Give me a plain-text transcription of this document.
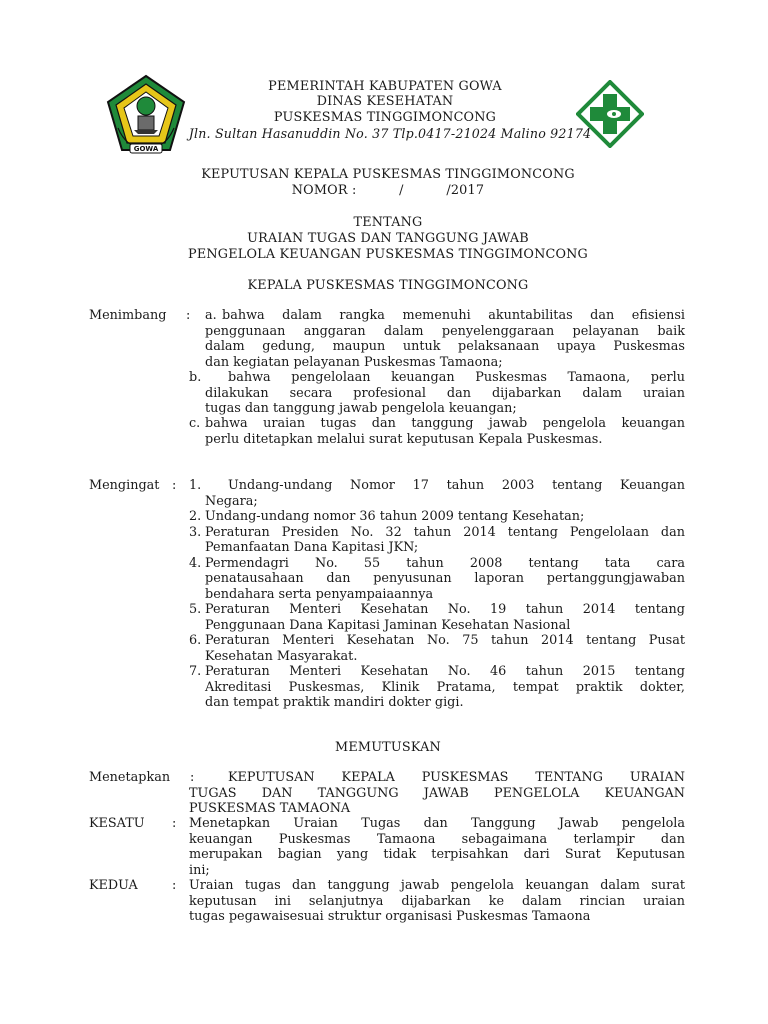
GOWA
PEMERINTAH KABUPATEN GOWA
DINAS KESEHATAN
PUSKESMAS TINGGIMONCONG
Jln. Sultan Hasanuddin No. 37 Tlp.0417-21024 Malino 92174
KEPUTUSAN KEPALA PUSKESMAS TINGGIMONCONG
NOMOR :          /          /2017
TENTANG
URAIAN TUGAS DAN TANGGUNG JAWAB
PENGELOLA KEUANGAN PUSKESMAS TINGGIMONCONG
KEPALA PUSKESMAS TINGGIMONCONG
Menimbang : a. bahwa dalam rangka memenuhi akuntabilitas dan efisiensi
penggunaan anggaran dalam penyelenggaraan pelayanan baik
dalam gedung, maupun untuk pelaksanaan upaya Puskesmas
dan kegiatan pelayanan Puskesmas Tamaona;
b. bahwa pengelolaan keuangan Puskesmas Tamaona, perlu
dilakukan secara profesional dan dijabarkan dalam uraian
tugas dan tanggung jawab pengelola keuangan;
c. bahwa uraian tugas dan tanggung jawab pengelola keuangan
perlu ditetapkan melalui surat keputusan Kepala Puskesmas.
Mengingat : 1. Undang-undang Nomor 17 tahun 2003 tentang Keuangan
Negara;
2. Undang-undang nomor 36 tahun 2009 tentang Kesehatan;
3. Peraturan Presiden No. 32 tahun 2014 tentang Pengelolaan dan
Pemanfaatan Dana Kapitasi JKN;
4. Permendagri No. 55 tahun 2008 tentang tata cara
penatausahaan dan penyusunan laporan pertanggungjawaban
bendahara serta penyampaiaannya
5. Peraturan Menteri Kesehatan No. 19 tahun 2014 tentang
Penggunaan Dana Kapitasi Jaminan Kesehatan Nasional
6. Peraturan Menteri Kesehatan No. 75 tahun 2014 tentang Pusat
Kesehatan Masyarakat.
7. Peraturan Menteri Kesehatan No. 46 tahun 2015 tentang
Akreditasi Puskesmas, Klinik Pratama, tempat praktik dokter,
dan tempat praktik mandiri dokter gigi.
MEMUTUSKAN
Menetapkan :	KEPUTUSAN KEPALA PUSKESMAS TENTANG URAIAN
TUGAS DAN TANGGUNG JAWAB PENGELOLA KEUANGAN
PUSKESMAS TAMAONA
KESATU : Menetapkan Uraian Tugas dan Tanggung Jawab pengelola
keuangan Puskesmas Tamaona sebagaimana terlampir dan
merupakan bagian yang tidak terpisahkan dari Surat Keputusan
ini;
KEDUA	: Uraian tugas dan tanggung jawab pengelola keuangan dalam surat
keputusan ini selanjutnya dijabarkan ke dalam rincian uraian
tugas pegawaisesuai struktur organisasi Puskesmas Tamaona
